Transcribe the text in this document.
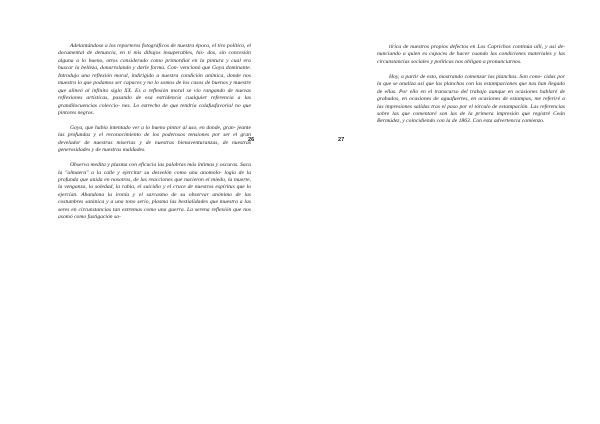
Adelantándose a los reporteros fotográficos de nuestra época, el tiro político, el documental de denuncia, en ti mis dibujos insuperables, his- dos, sin concesión alguna a lo bueno, otros considerado como primordial en la pintura y cual era buscar la belleza, donarrolando y darle forma. Con- vencionó que Goya dominante. Introdujo una reflexión moral, indirigido a nuestra condición anímica, donde nos muestra lo que podamos ser capaces y no lo somos de los casos de buenos y muestre que alineó al infinito siglo XX. Es a reflexión moral se vio rangando de nuevas reflexiones artísticas, pasando de esa estridencia cualquier referencia a las grandilocuencias coleccio- nes. Lo estrecho de que tendría colafusfavorial no que pintores negros.

Goya, que había intentado ver a lo bueno pintor al uso, en donde, gran- jeante las profundas y el reconocimiento de los poderosos tensiones por ser el gran develador de nuestras miserias y de nuestras bienaventuranzas, de nuestras generosidades y de nuestras maldades.

Observa medita y plasma con eficacia las palabras más íntimas y oscuras. Saca la "almaera" a la calle y ejercitar su desvelón como una anomolo- logía de la profunda que anida en nosotros, de las reacciones que nacieron el miedo, la muerte, la venganza, la soledad, la rabia, el suicidio y el cruce de nuestros espíritus que lo ejercían. Abandona la ironía y el sarcasmo de su observar anónimo de las costumbres satánica y a una tono serio, plasma las bestialidades que muestra a las seres en circunstancias tan extremas como una guerra. La serena reflexión que nos asomó como fustigación sa-

26	27

tírica de nuestros propios defectos en Los Caprichos continúa allí, y así de- nunciando a quien es capaces de hacer cuando las condiciones materiales y las circunstancias sociales y políticas nos obligan a pronunciarnos.

Hoy, a partir de esto, mostrando comenzar las planchas. Son cono- cidas por la que se analiza así que las planchas con las estampaciones que nos han llegado de ellas. Por ello en el transcurso del trabajo aunque en ocasiones hablaré de grabados, en ocasiones de aguafuertes, en ocasiones de estampas, me referiré a las impresiones salidas tras el paso por el tórculo de estampación. Las referencias sobre las que comentaré son las de la primera impresión que registré Ceán Bermúdez, y coincidiendo con la de 1863. Con esta advertencia comienzo.
